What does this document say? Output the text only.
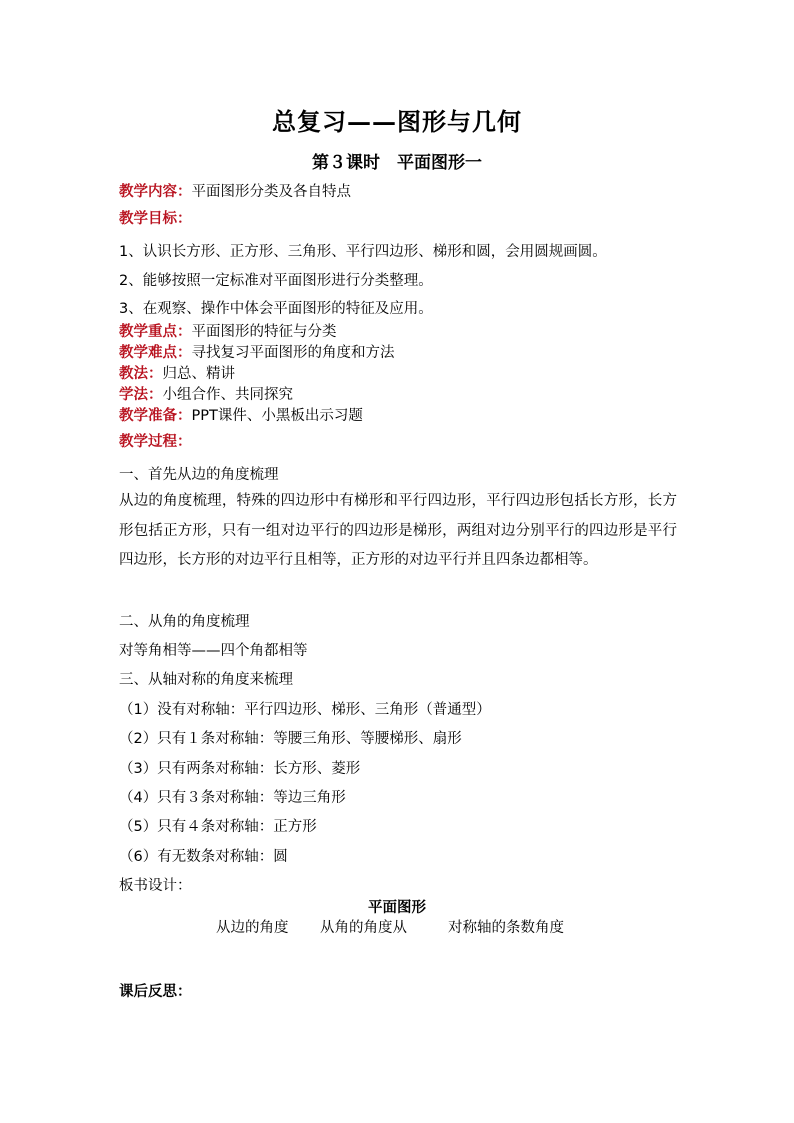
总复习——图形与几何
第３课时　平面图形一
教学内容：平面图形分类及各自特点
教学目标：
1、认识长方形、正方形、三角形、平行四边形、梯形和圆，会用圆规画圆。
2、能够按照一定标准对平面图形进行分类整理。
3、在观察、操作中体会平面图形的特征及应用。
教学重点：平面图形的特征与分类
教学难点：寻找复习平面图形的角度和方法
教法：归总、精讲
学法：小组合作、共同探究
教学准备：PPT课件、小黑板出示习题
教学过程：
一、首先从边的角度梳理
从边的角度梳理，特殊的四边形中有梯形和平行四边形，平行四边形包括长方形，长方形包括正方形，只有一组对边平行的四边形是梯形，两组对边分别平行的四边形是平行四边形，长方形的对边平行且相等，正方形的对边平行并且四条边都相等。
二、从角的角度梳理
对等角相等——四个角都相等
三、从轴对称的角度来梳理
（1）没有对称轴：平行四边形、梯形、三角形（普通型）
（2）只有１条对称轴：等腰三角形、等腰梯形、扇形
（3）只有两条对称轴：长方形、菱形
（4）只有３条对称轴：等边三角形
（5）只有４条对称轴：正方形
（6）有无数条对称轴：圆
板书设计：
平面图形
从边的角度 从角的角度从	对称轴的条数角度
课后反思：
